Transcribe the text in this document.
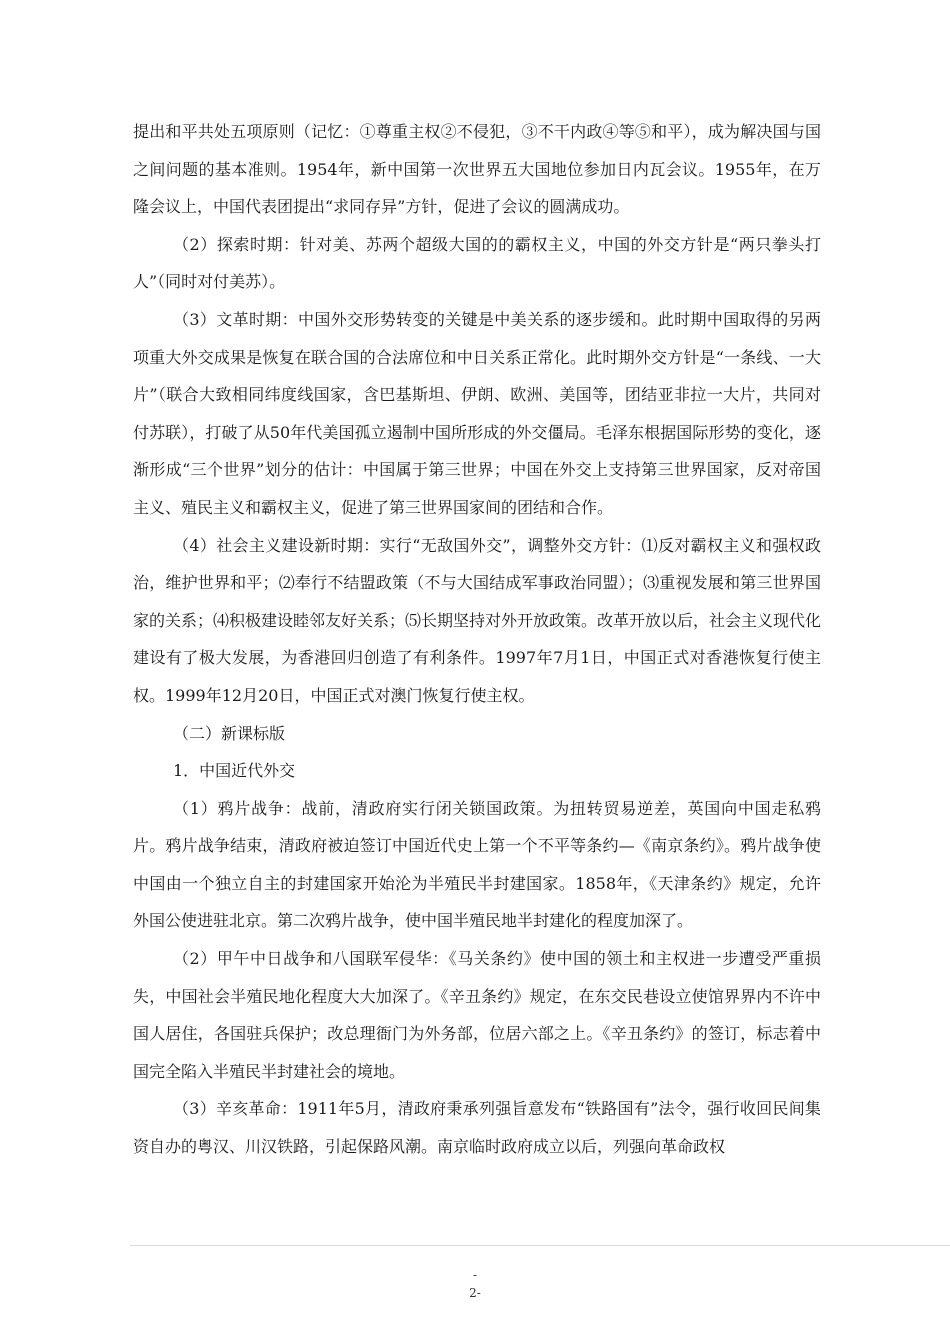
提出和平共处五项原则（记忆：①尊重主权②不侵犯，③不干内政④等⑤和平），成为解决国与国之间问题的基本准则。1954年，新中国第一次世界五大国地位参加日内瓦会议。1955年，在万隆会议上，中国代表团提出“求同存异”方针，促进了会议的圆满成功。

（2）探索时期：针对美、苏两个超级大国的的霸权主义，中国的外交方针是“两只拳头打人”（同时对付美苏）。

（3）文革时期：中国外交形势转变的关键是中美关系的逐步缓和。此时期中国取得的另两项重大外交成果是恢复在联合国的合法席位和中日关系正常化。此时期外交方针是“一条线、一大片”（联合大致相同纬度线国家，含巴基斯坦、伊朗、欧洲、美国等，团结亚非拉一大片，共同对付苏联），打破了从50年代美国孤立遏制中国所形成的外交僵局。毛泽东根据国际形势的变化，逐渐形成“三个世界”划分的估计：中国属于第三世界；中国在外交上支持第三世界国家，反对帝国主义、殖民主义和霸权主义，促进了第三世界国家间的团结和合作。

（4）社会主义建设新时期：实行“无敌国外交”，调整外交方针：⑴反对霸权主义和强权政治，维护世界和平；⑵奉行不结盟政策（不与大国结成军事政治同盟）；⑶重视发展和第三世界国家的关系；⑷积极建设睦邻友好关系；⑸长期坚持对外开放政策。改革开放以后，社会主义现代化建设有了极大发展，为香港回归创造了有利条件。1997年7月1日，中国正式对香港恢复行使主权。1999年12月20日，中国正式对澳门恢复行使主权。

（二）新课标版

1．中国近代外交

（1）鸦片战争：战前，清政府实行闭关锁国政策。为扭转贸易逆差，英国向中国走私鸦片。鸦片战争结束，清政府被迫签订中国近代史上第一个不平等条约—《南京条约》。鸦片战争使中国由一个独立自主的封建国家开始沦为半殖民半封建国家。1858年，《天津条约》规定，允许外国公使进驻北京。第二次鸦片战争，使中国半殖民地半封建化的程度加深了。

（2）甲午中日战争和八国联军侵华：《马关条约》使中国的领土和主权进一步遭受严重损失，中国社会半殖民地化程度大大加深了。《辛丑条约》规定，在东交民巷设立使馆界界内不许中国人居住，各国驻兵保护；改总理衙门为外务部，位居六部之上。《辛丑条约》的签订，标志着中国完全陷入半殖民半封建社会的境地。

（3）辛亥革命：1911年5月，清政府秉承列强旨意发布“铁路国有”法令，强行收回民间集资自办的粤汉、川汉铁路，引起保路风潮。南京临时政府成立以后，列强向革命政权

-
2-
